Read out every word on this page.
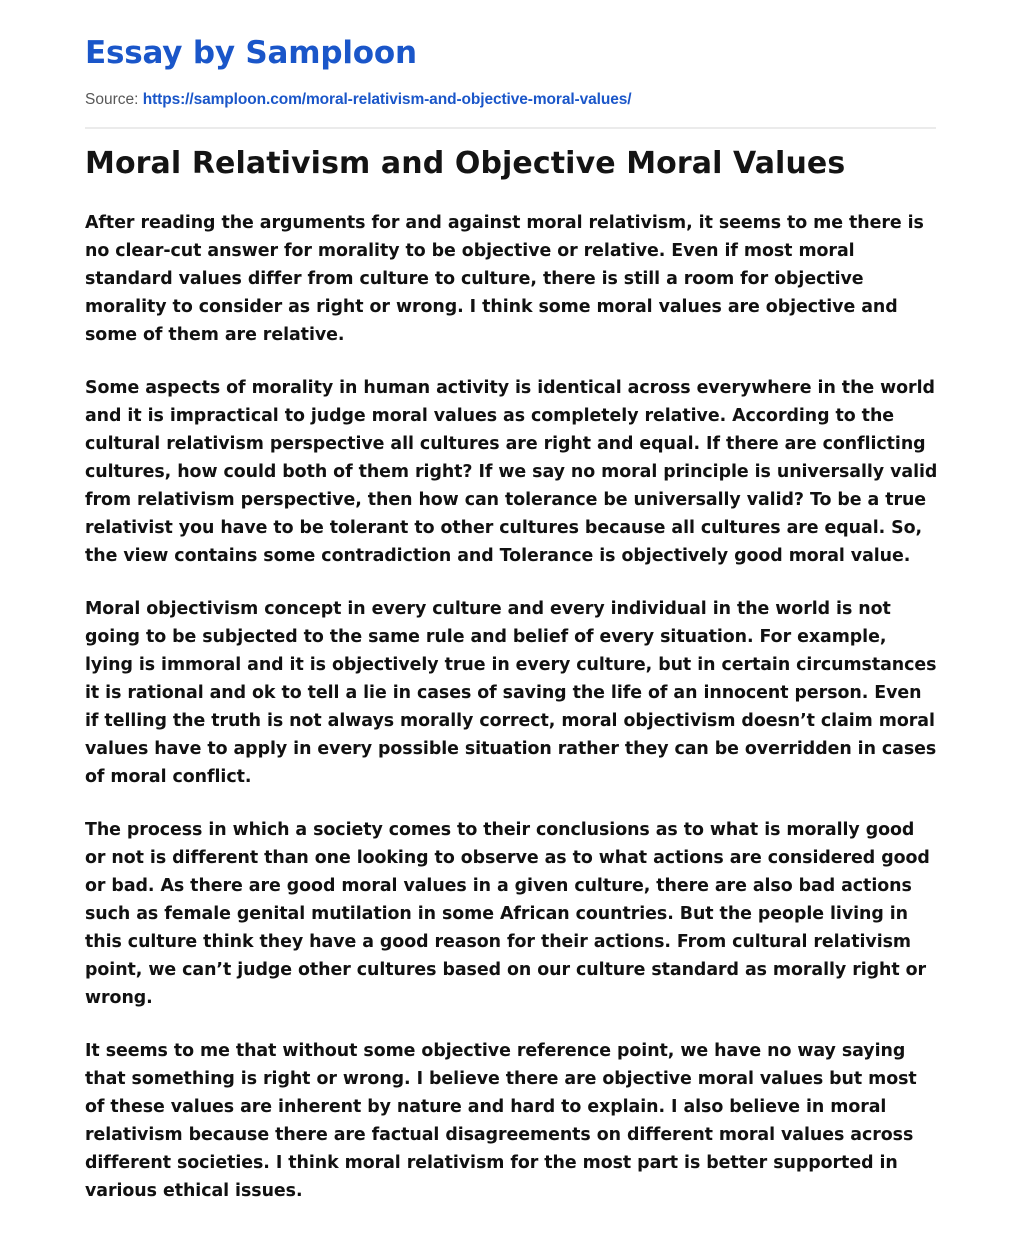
Essay by Samploon

Source: https://samploon.com/moral-relativism-and-objective-moral-values/

Moral Relativism and Objective Moral Values

After reading the arguments for and against moral relativism, it seems to me there is no clear-cut answer for morality to be objective or relative. Even if most moral standard values differ from culture to culture, there is still a room for objective morality to consider as right or wrong. I think some moral values are objective and some of them are relative.

Some aspects of morality in human activity is identical across everywhere in the world and it is impractical to judge moral values as completely relative. According to the cultural relativism perspective all cultures are right and equal. If there are conflicting cultures, how could both of them right? If we say no moral principle is universally valid from relativism perspective, then how can tolerance be universally valid? To be a true relativist you have to be tolerant to other cultures because all cultures are equal. So, the view contains some contradiction and Tolerance is objectively good moral value.

Moral objectivism concept in every culture and every individual in the world is not going to be subjected to the same rule and belief of every situation. For example, lying is immoral and it is objectively true in every culture, but in certain circumstances it is rational and ok to tell a lie in cases of saving the life of an innocent person. Even if telling the truth is not always morally correct, moral objectivism doesn’t claim moral values have to apply in every possible situation rather they can be overridden in cases of moral conflict.

The process in which a society comes to their conclusions as to what is morally good or not is different than one looking to observe as to what actions are considered good or bad. As there are good moral values in a given culture, there are also bad actions such as female genital mutilation in some African countries. But the people living in this culture think they have a good reason for their actions. From cultural relativism point, we can’t judge other cultures based on our culture standard as morally right or wrong.

It seems to me that without some objective reference point, we have no way saying that something is right or wrong. I believe there are objective moral values but most of these values are inherent by nature and hard to explain. I also believe in moral relativism because there are factual disagreements on different moral values across different societies. I think moral relativism for the most part is better supported in various ethical issues.
